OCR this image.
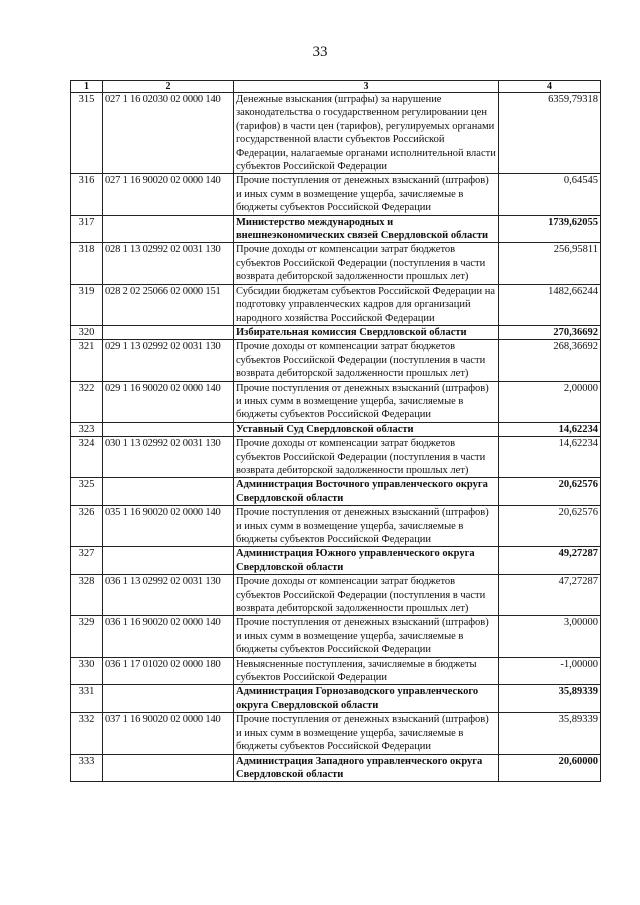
33
1	2	3	4
315	027 1 16 02030 02 0000 140	Денежные взыскания (штрафы) за нарушение законодательства о государственном регулировании цен (тарифов) в части цен (тарифов), регулируемых органами государственной власти субъектов Российской Федерации, налагаемые органами исполнительной власти субъектов Российской Федерации	6359,79318
316	027 1 16 90020 02 0000 140	Прочие поступления от денежных взысканий (штрафов) и иных сумм в возмещение ущерба, зачисляемые в бюджеты субъектов Российской Федерации	0,64545
317		Министерство международных и внешнеэкономических связей Свердловской области	1739,62055
318	028 1 13 02992 02 0031 130	Прочие доходы от компенсации затрат бюджетов субъектов Российской Федерации (поступления в части возврата дебиторской задолженности прошлых лет)	256,95811
319	028 2 02 25066 02 0000 151	Субсидии бюджетам субъектов Российской Федерации на подготовку управленческих кадров для организаций народного хозяйства Российской Федерации	1482,66244
320		Избирательная комиссия Свердловской области	270,36692
321	029 1 13 02992 02 0031 130	Прочие доходы от компенсации затрат бюджетов субъектов Российской Федерации (поступления в части возврата дебиторской задолженности прошлых лет)	268,36692
322	029 1 16 90020 02 0000 140	Прочие поступления от денежных взысканий (штрафов) и иных сумм в возмещение ущерба, зачисляемые в бюджеты субъектов Российской Федерации	2,00000
323		Уставный Суд Свердловской области	14,62234
324	030 1 13 02992 02 0031 130	Прочие доходы от компенсации затрат бюджетов субъектов Российской Федерации (поступления в части возврата дебиторской задолженности прошлых лет)	14,62234
325		Администрация Восточного управленческого округа Свердловской области	20,62576
326	035 1 16 90020 02 0000 140	Прочие поступления от денежных взысканий (штрафов) и иных сумм в возмещение ущерба, зачисляемые в бюджеты субъектов Российской Федерации	20,62576
327		Администрация Южного управленческого округа Свердловской области	49,27287
328	036 1 13 02992 02 0031 130	Прочие доходы от компенсации затрат бюджетов субъектов Российской Федерации (поступления в части возврата дебиторской задолженности прошлых лет)	47,27287
329	036 1 16 90020 02 0000 140	Прочие поступления от денежных взысканий (штрафов) и иных сумм в возмещение ущерба, зачисляемые в бюджеты субъектов Российской Федерации	3,00000
330	036 1 17 01020 02 0000 180	Невыясненные поступления, зачисляемые в бюджеты субъектов Российской Федерации	-1,00000
331		Администрация Горнозаводского управленческого округа Свердловской области	35,89339
332	037 1 16 90020 02 0000 140	Прочие поступления от денежных взысканий (штрафов) и иных сумм в возмещение ущерба, зачисляемые в бюджеты субъектов Российской Федерации	35,89339
333		Администрация Западного управленческого округа Свердловской области	20,60000
